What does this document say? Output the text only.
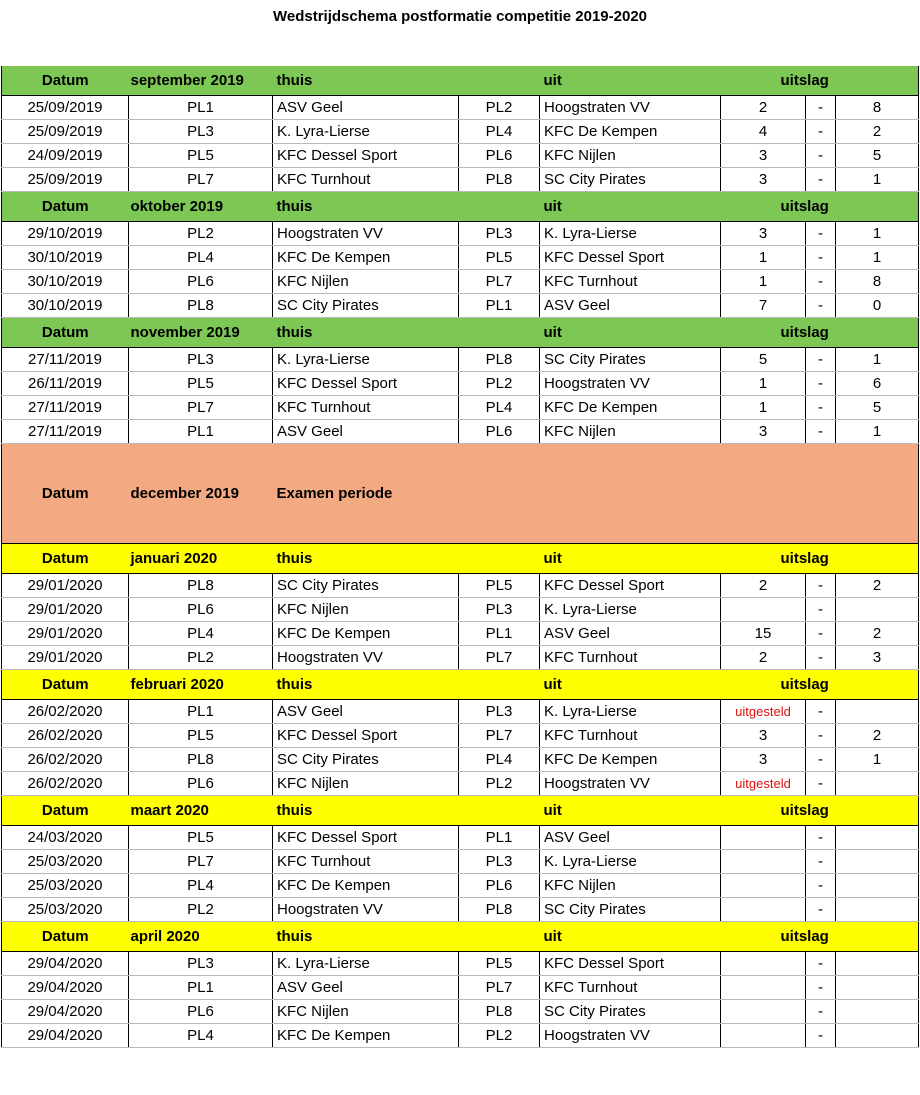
Wedstrijdschema postformatie competitie 2019-2020
Datum	september 2019	thuis		uit	uitslag		
25/09/2019	PL1	ASV Geel	PL2	Hoogstraten VV	2	-	8
25/09/2019	PL3	K. Lyra-Lierse	PL4	KFC De Kempen	4	-	2
24/09/2019	PL5	KFC Dessel Sport	PL6	KFC Nijlen	3	-	5
25/09/2019	PL7	KFC Turnhout	PL8	SC City Pirates	3	-	1
Datum	oktober 2019	thuis		uit	uitslag		
29/10/2019	PL2	Hoogstraten VV	PL3	K. Lyra-Lierse	3	-	1
30/10/2019	PL4	KFC De Kempen	PL5	KFC Dessel Sport	1	-	1
30/10/2019	PL6	KFC Nijlen	PL7	KFC Turnhout	1	-	8
30/10/2019	PL8	SC City Pirates	PL1	ASV Geel	7	-	0
Datum	november 2019	thuis		uit	uitslag		
27/11/2019	PL3	K. Lyra-Lierse	PL8	SC City Pirates	5	-	1
26/11/2019	PL5	KFC Dessel Sport	PL2	Hoogstraten VV	1	-	6
27/11/2019	PL7	KFC Turnhout	PL4	KFC De Kempen	1	-	5
27/11/2019	PL1	ASV Geel	PL6	KFC Nijlen	3	-	1
Datum	december 2019	Examen periode					
Datum	januari 2020	thuis		uit	uitslag		
29/01/2020	PL8	SC City Pirates	PL5	KFC Dessel Sport	2	-	2
29/01/2020	PL6	KFC Nijlen	PL3	K. Lyra-Lierse		-	
29/01/2020	PL4	KFC De Kempen	PL1	ASV Geel	15	-	2
29/01/2020	PL2	Hoogstraten VV	PL7	KFC Turnhout	2	-	3
Datum	februari 2020	thuis		uit	uitslag		
26/02/2020	PL1	ASV Geel	PL3	K. Lyra-Lierse	uitgesteld	-	
26/02/2020	PL5	KFC Dessel Sport	PL7	KFC Turnhout	3	-	2
26/02/2020	PL8	SC City Pirates	PL4	KFC De Kempen	3	-	1
26/02/2020	PL6	KFC Nijlen	PL2	Hoogstraten VV	uitgesteld	-	
Datum	maart 2020	thuis		uit	uitslag		
24/03/2020	PL5	KFC Dessel Sport	PL1	ASV Geel		-	
25/03/2020	PL7	KFC Turnhout	PL3	K. Lyra-Lierse		-	
25/03/2020	PL4	KFC De Kempen	PL6	KFC Nijlen		-	
25/03/2020	PL2	Hoogstraten VV	PL8	SC City Pirates		-	
Datum	april 2020	thuis		uit	uitslag		
29/04/2020	PL3	K. Lyra-Lierse	PL5	KFC Dessel Sport		-	
29/04/2020	PL1	ASV Geel	PL7	KFC Turnhout		-	
29/04/2020	PL6	KFC Nijlen	PL8	SC City Pirates		-	
29/04/2020	PL4	KFC De Kempen	PL2	Hoogstraten VV		-	
